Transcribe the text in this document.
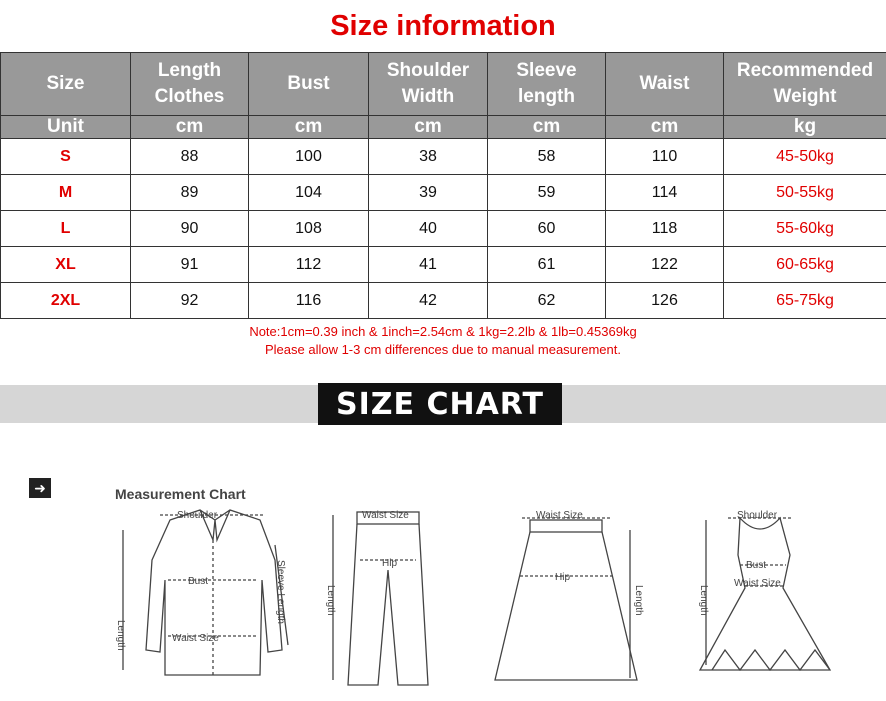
Size information
Size	Length Clothes	Bust	Shoulder Width	Sleeve length	Waist	Recommended Weight
Unit	cm	cm	cm	cm	cm	kg
S	88	100	38	58	110	45-50kg
M	89	104	39	59	114	50-55kg
L	90	108	40	60	118	55-60kg
XL	91	112	41	61	122	60-65kg
2XL	92	116	42	62	126	65-75kg
Note:1cm=0.39 inch & 1inch=2.54cm & 1kg=2.2lb & 1lb=0.45369kg
Please allow 1-3 cm differences due to manual measurement.
SIZE CHART
➜	Measurement Chart
Shoulder
Bust
Waist Size
Length
Sleeve Length
Waist Size
Hip
Length
Waist Size
Hip
Length
Shoulder
Bust
Waist Size
Length
